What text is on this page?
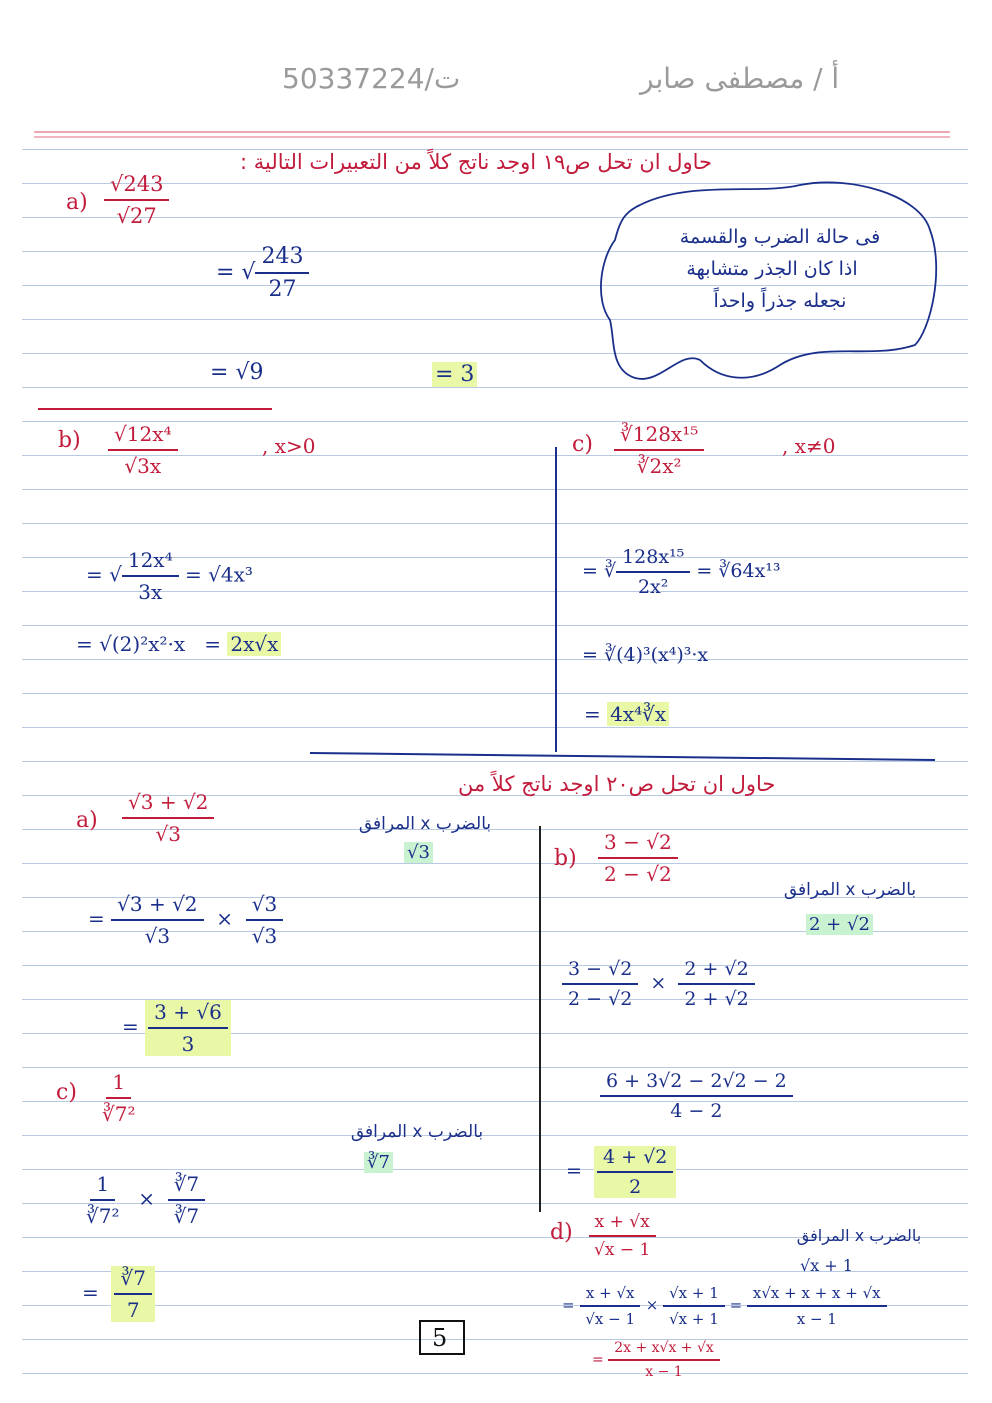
ت/50337224	أ / مصطفى صابر
حاول ان تحل ص١٩ اوجد ناتج كلاً من التعبيرات التالية :
فى حالة الضرب والقسمة
اذا كان الجذر متشابهة
نجعله جذراً واحداً
$a) \frac{√243}{√27}$
= √ $\frac{243}{27}$
= √9	= 3
$b) \frac{\text{√12x⁴}}{√3x}$	, x>0
= √ $\frac{\text{12x⁴}}{3x} = √4x^3$
= √(2)²x²·x   = 2x√x
$c) \frac{\text{∛128x¹⁵}}{\text{∛2x²}}$	, x≠0
= ∛ $\frac{\text{128x¹⁵}}{\text{2x²}}$ = ∛64x¹³
= ∛(4)³(x⁴)³·x
= 4x⁴∛x
حاول ان تحل ص٢٠ اوجد ناتج كلاً من
$a) \frac{√3 + √2}{√3}$	بالضرب x المرافق
√3
= $\frac{√3 + √2}{√3} \times \frac{√3}{√3}$
= $\frac{3 + √6}{3}$
$b) \frac{3 - √2}{2 - √2}$
بالضرب x المرافق
2 + √2
$\frac{3 - √2}{2 - √2} \times \frac{2 + √2}{2 + √2}$
$\frac{6 + 3√2 - 2√2 - 2}{4 - 2}$
= $\frac{4 + √2}{2}$
$c) \frac{1}{\text{∛7²}}$
بالضرب x المرافق
∛7
$\frac{1}{\text{∛7²}} \times \frac{∛7}{∛7}$
= $\frac{∛7}{7}$
$d) \frac{x + √x}{√x - 1}$	بالضرب x المرافق
√x + 1
= $\frac{x + √x}{√x - 1} \times \frac{√x + 1}{√x + 1} = \frac{x√x + x + x + √x}{x - 1}$
= $\frac{2x + x√x + √x}{x - 1}$
5
